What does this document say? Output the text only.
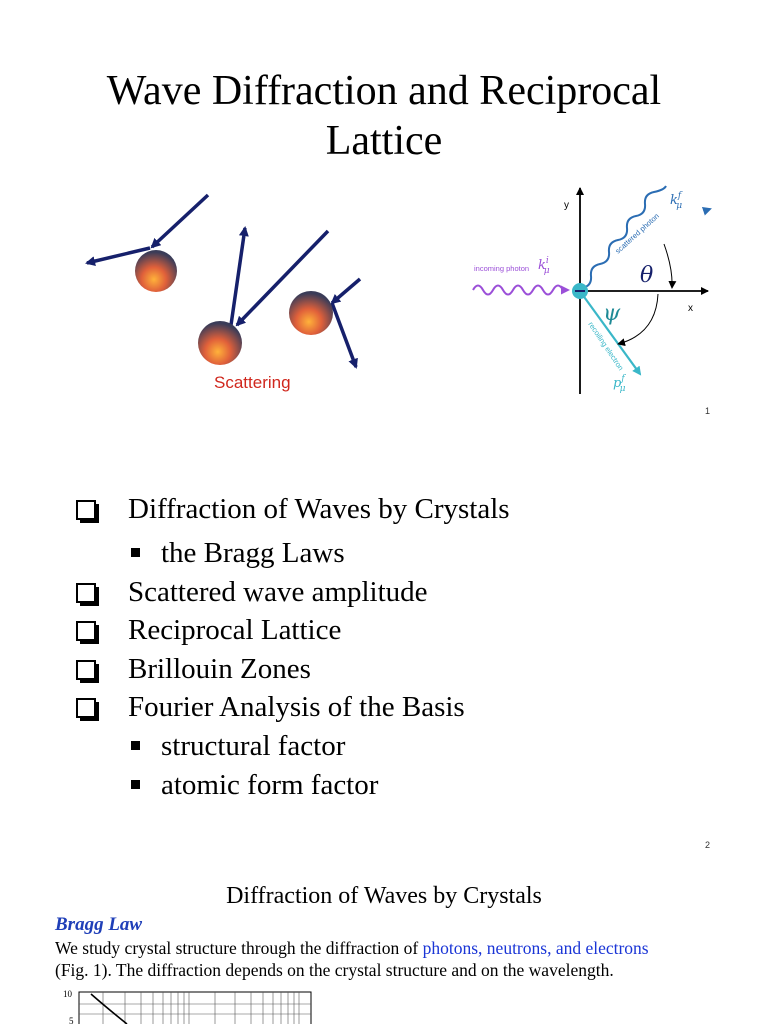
Wave Diffraction and Reciprocal
Lattice
Scattering
y
x
incoming photon $k^i$ μ
scattered photon
$k^f$ μ
recoiling electron
$p^f$ μ
θ
ψ
1
Diffraction of Waves by Crystals
the Bragg Laws
Scattered wave amplitude
Reciprocal Lattice
Brillouin Zones
Fourier Analysis of the Basis
structural factor
atomic form factor
2
Diffraction of Waves by Crystals
Bragg Law
We study crystal structure through the diffraction of photons, neutrons, and electrons
(Fig. 1). The diffraction depends on the crystal structure and on the wavelength.
10
5
